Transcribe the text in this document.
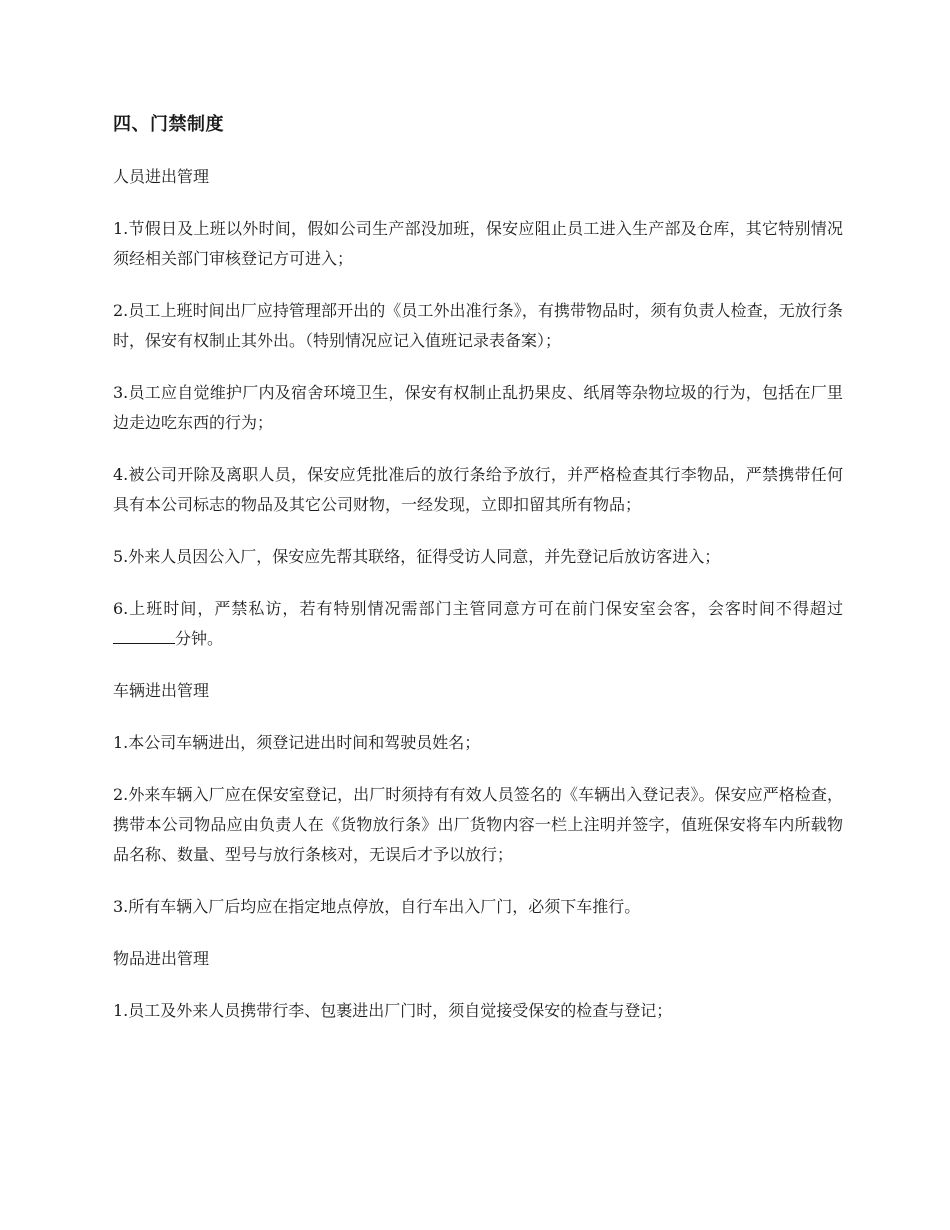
四、门禁制度
人员进出管理

1.节假日及上班以外时间，假如公司生产部没加班，保安应阻止员工进入生产部及仓库，其它特别情况须经相关部门审核登记方可进入；

2.员工上班时间出厂应持管理部开出的《员工外出准行条》，有携带物品时，须有负责人检查，无放行条时，保安有权制止其外出。（特别情况应记入值班记录表备案）；

3.员工应自觉维护厂内及宿舍环境卫生，保安有权制止乱扔果皮、纸屑等杂物垃圾的行为，包括在厂里边走边吃东西的行为；

4.被公司开除及离职人员，保安应凭批准后的放行条给予放行，并严格检查其行李物品，严禁携带任何具有本公司标志的物品及其它公司财物，一经发现，立即扣留其所有物品；

5.外来人员因公入厂，保安应先帮其联络，征得受访人同意，并先登记后放访客进入；

6.上班时间，严禁私访，若有特别情况需部门主管同意方可在前门保安室会客，会客时间不得超过分钟。

车辆进出管理

1.本公司车辆进出，须登记进出时间和驾驶员姓名；

2.外来车辆入厂应在保安室登记，出厂时须持有有效人员签名的《车辆出入登记表》。保安应严格检查，携带本公司物品应由负责人在《货物放行条》出厂货物内容一栏上注明并签字，值班保安将车内所载物品名称、数量、型号与放行条核对，无误后才予以放行；

3.所有车辆入厂后均应在指定地点停放，自行车出入厂门，必须下车推行。

物品进出管理

1.员工及外来人员携带行李、包裹进出厂门时，须自觉接受保安的检查与登记；
